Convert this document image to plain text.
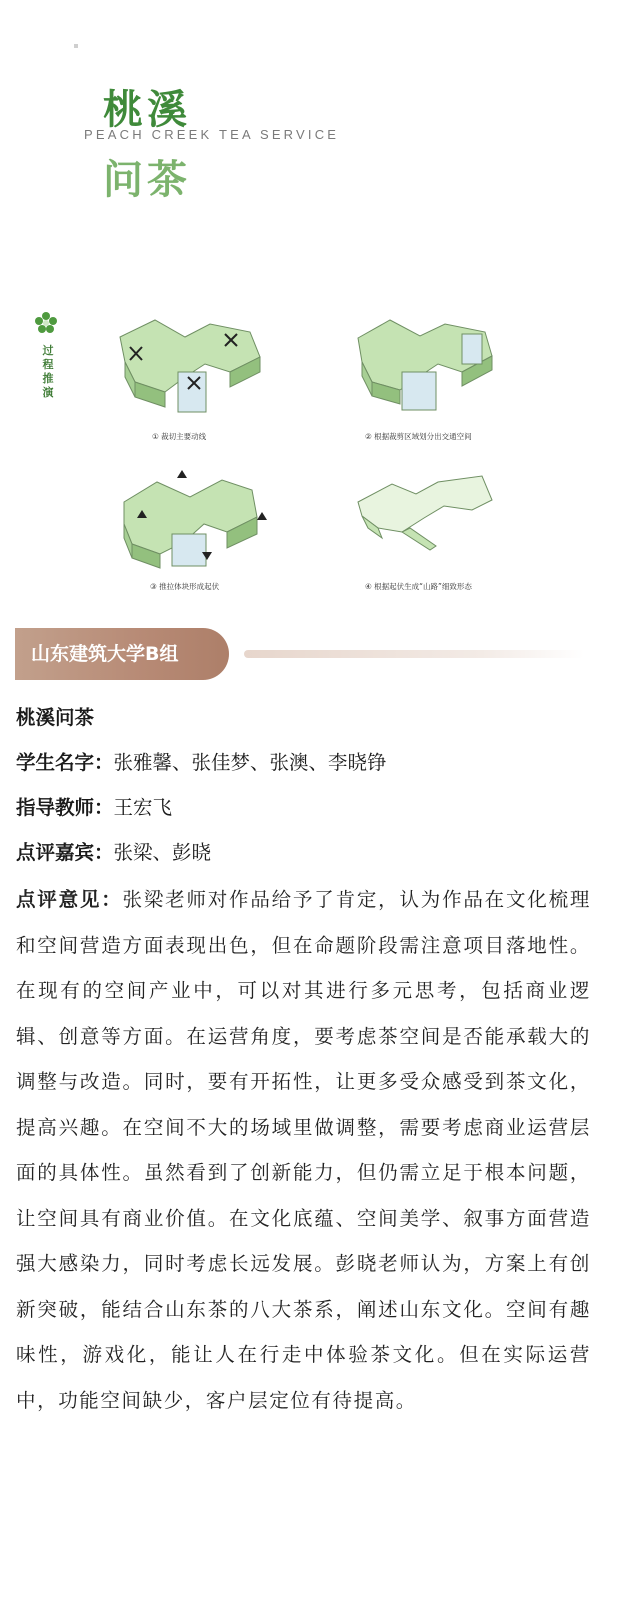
桃溪
PEACH CREEK TEA SERVICE
问茶
过
程
推
演
① 裁切主要动线	② 根据裁剪区域划分出交通空间
③ 推拉体块形成起伏	④ 根据起伏生成“山路”细致形态
山东建筑大学B组
桃溪问茶
学生名字：张雅馨、张佳梦、张澳、李晓铮
指导教师：王宏飞
点评嘉宾：张梁、彭晓
点评意见：张梁老师对作品给予了肯定，认为作品在文化梳理和空间营造方面表现出色，但在命题阶段需注意项目落地性。在现有的空间产业中，可以对其进行多元思考，包括商业逻辑、创意等方面。在运营角度，要考虑茶空间是否能承载大的调整与改造。同时，要有开拓性，让更多受众感受到茶文化，提高兴趣。在空间不大的场域里做调整，需要考虑商业运营层面的具体性。虽然看到了创新能力，但仍需立足于根本问题，让空间具有商业价值。在文化底蕴、空间美学、叙事方面营造强大感染力，同时考虑长远发展。彭晓老师认为，方案上有创新突破，能结合山东茶的八大茶系，阐述山东文化。空间有趣味性，游戏化，能让人在行走中体验茶文化。但在实际运营中，功能空间缺少，客户层定位有待提高。
